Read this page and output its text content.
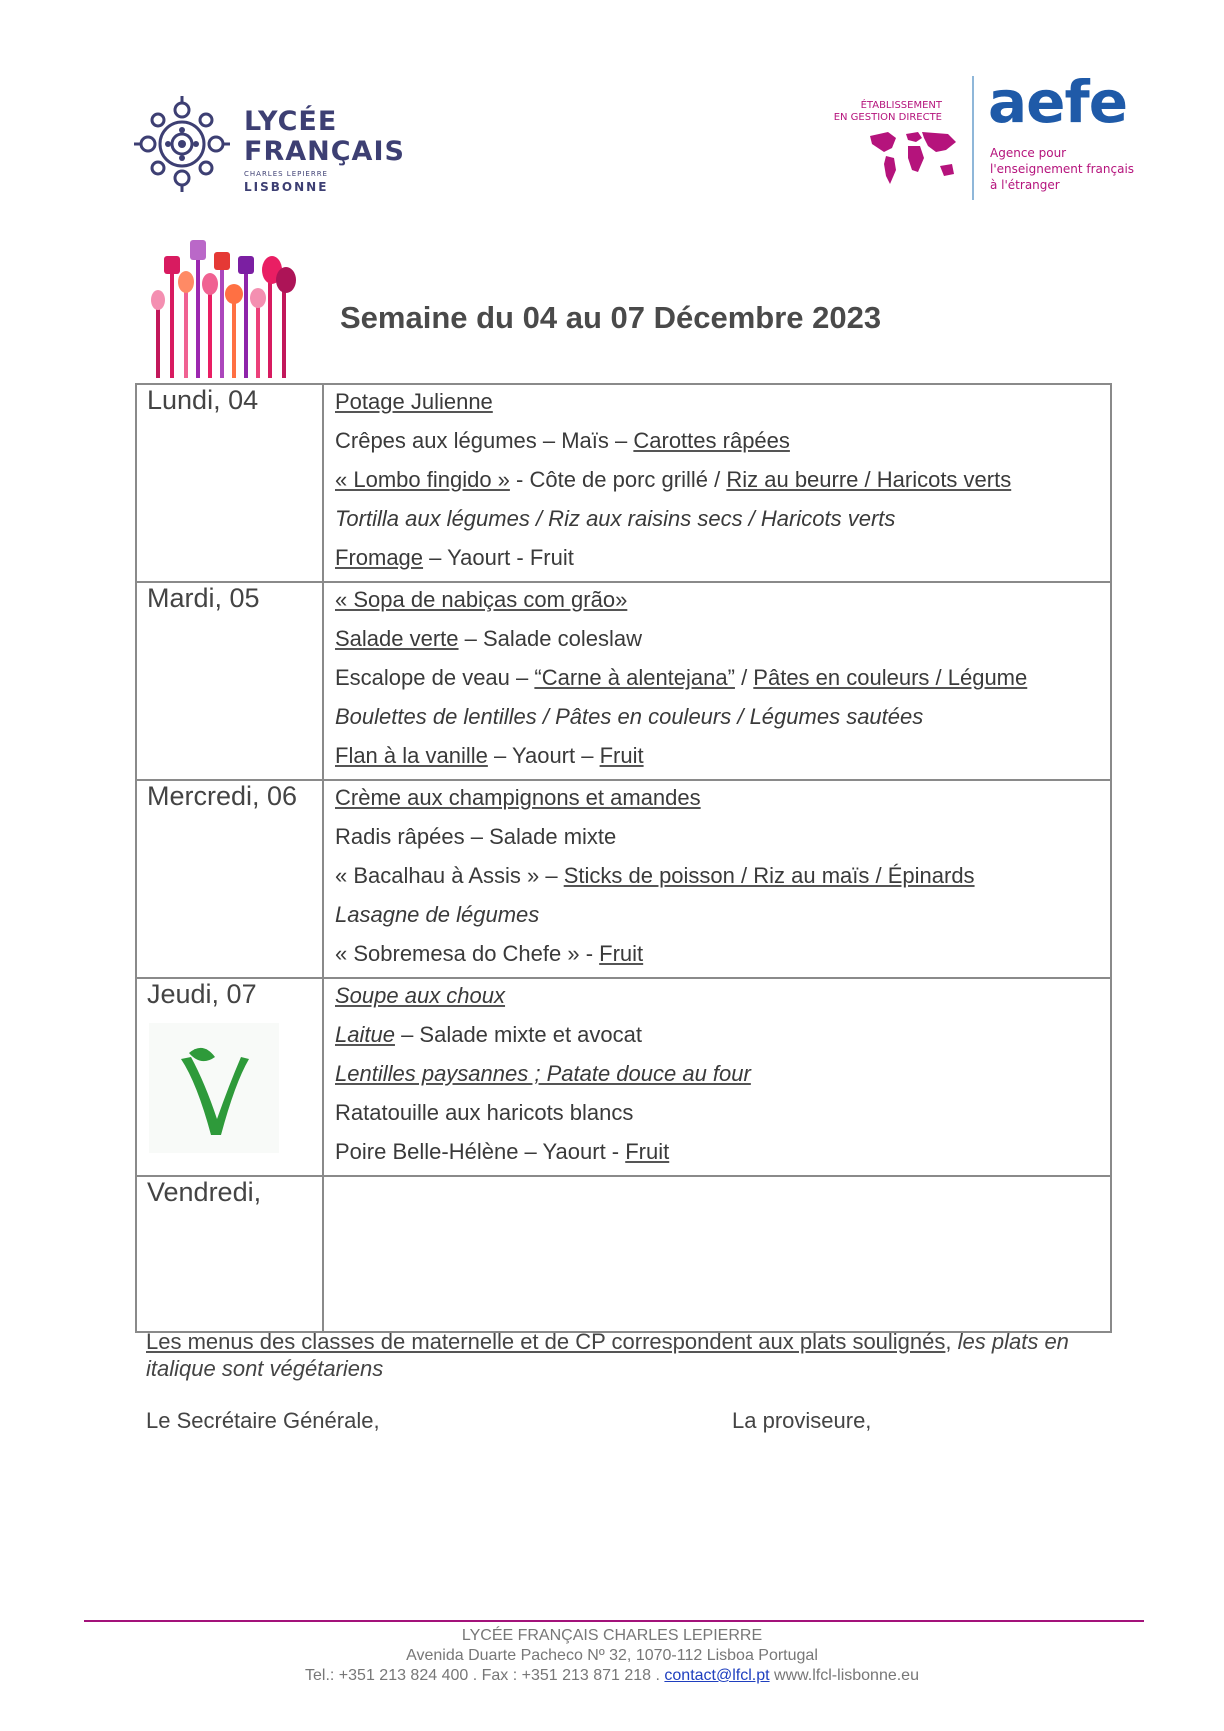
LYCÉE
FRANÇAIS
CHARLES LEPIERRE
LISBONNE
ÉTABLISSEMENT
EN GESTION DIRECTE aefe
Agence pour
l'enseignement français
à l'étranger
Semaine du 04 au 07 Décembre 2023
Lundi, 04	Potage Julienne
Crêpes aux légumes – Maïs – Carottes râpées
« Lombo fingido » - Côte de porc grillé / Riz au beurre / Haricots verts
Tortilla aux légumes / Riz aux raisins secs / Haricots verts
Fromage – Yaourt - Fruit
Mardi, 05	« Sopa de nabiças com grão»
Salade verte – Salade coleslaw
Escalope de veau – “Carne à alentejana” / Pâtes en couleurs / Légume
Boulettes de lentilles / Pâtes en couleurs / Légumes sautées
Flan à la vanille – Yaourt – Fruit
Mercredi, 06 Crème aux champignons et amandes
Radis râpées – Salade mixte
« Bacalhau à Assis » – Sticks de poisson / Riz au maïs / Épinards
Lasagne de légumes
« Sobremesa do Chefe » - Fruit
Jeudi, 07	Soupe aux choux
Laitue – Salade mixte et avocat
Lentilles paysannes ; Patate douce au four
Ratatouille aux haricots blancs
Poire Belle-Hélène – Yaourt - Fruit
Vendredi,
Les menus des classes de maternelle et de CP correspondent aux plats soulignés, les plats en italique sont végétariens
Le Secrétaire Générale,	La proviseure,
LYCÉE FRANÇAIS CHARLES LEPIERRE
Avenida Duarte Pacheco Nº 32, 1070-112 Lisboa Portugal
Tel.: +351 213 824 400 . Fax : +351 213 871 218 . contact@lfcl.pt www.lfcl-lisbonne.eu
